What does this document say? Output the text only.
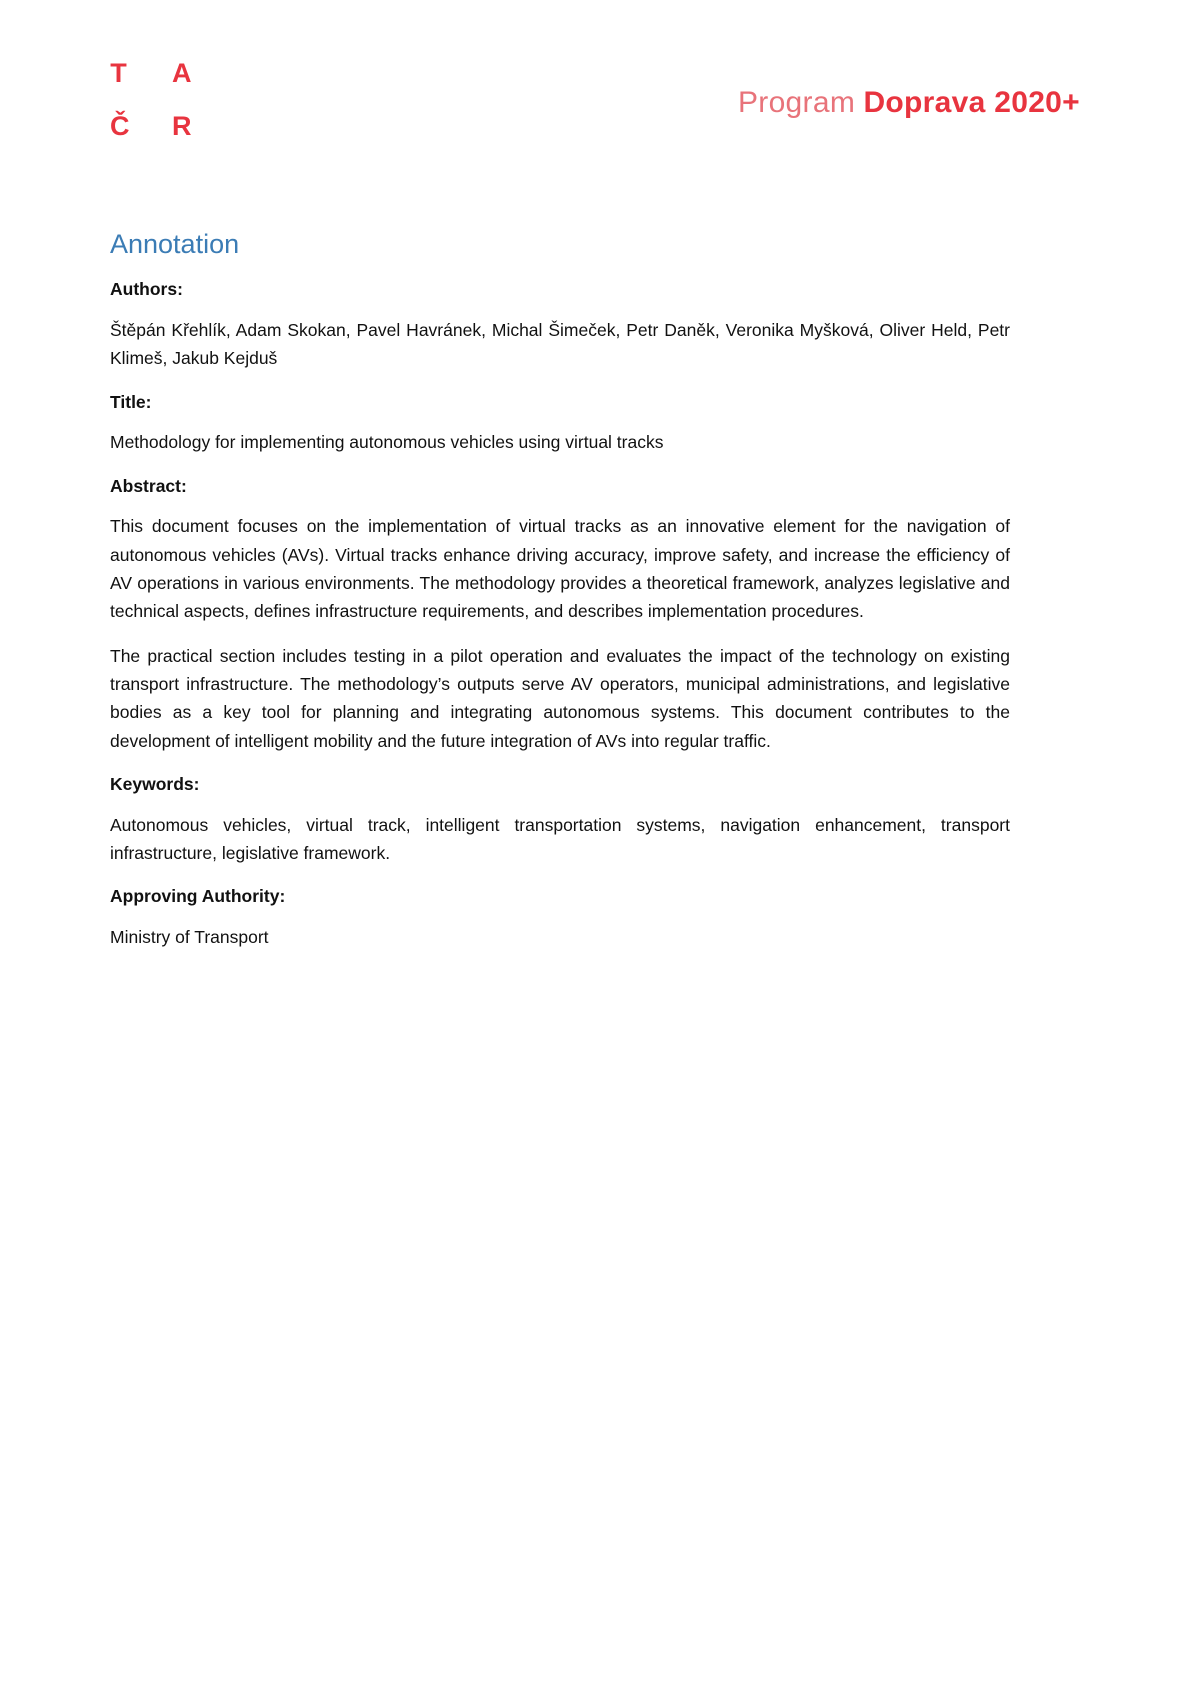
T A
Č R
Program Doprava 2020+
Annotation
Authors:

Štěpán Křehlík, Adam Skokan, Pavel Havránek, Michal Šimeček, Petr Daněk, Veronika Myšková, Oliver Held, Petr Klimeš, Jakub Kejduš

Title:

Methodology for implementing autonomous vehicles using virtual tracks

Abstract:

This document focuses on the implementation of virtual tracks as an innovative element for the navigation of autonomous vehicles (AVs). Virtual tracks enhance driving accuracy, improve safety, and increase the efficiency of AV operations in various environments. The methodology provides a theoretical framework, analyzes legislative and technical aspects, defines infrastructure requirements, and describes implementation procedures.

The practical section includes testing in a pilot operation and evaluates the impact of the technology on existing transport infrastructure. The methodology’s outputs serve AV operators, municipal administrations, and legislative bodies as a key tool for planning and integrating autonomous systems. This document contributes to the development of intelligent mobility and the future integration of AVs into regular traffic.

Keywords:

Autonomous vehicles, virtual track, intelligent transportation systems, navigation enhancement, transport infrastructure, legislative framework.

Approving Authority:

Ministry of Transport
